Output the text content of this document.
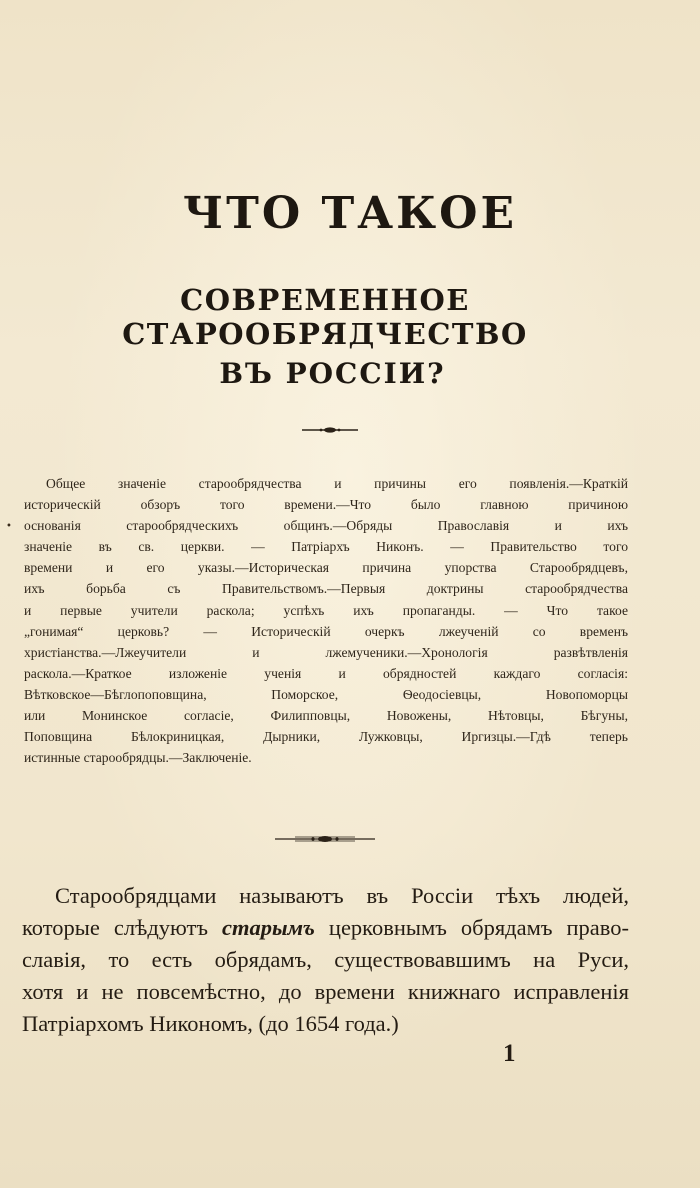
ЧТО ТАКОЕ
СОВРЕМЕННОЕ СТАРООБРЯДЧЕСТВО
ВЪ РОССІИ?
•
Общее значеніе старообрядчества и причины его появленія.—Краткій
историческій обзоръ того времени.—Что было главною причиною
основанія старообрядческихъ общинъ.—Обряды Православія и ихъ
значеніе въ св. церкви. — Патріархъ Никонъ. — Правительство того
времени и его указы.—Историческая причина упорства Старообрядцевъ,
ихъ борьба съ Правительствомъ.—Первыя доктрины старообрядчества
и первые учители раскола; успѣхъ ихъ пропаганды. — Что такое
„гонимая“ церковь? — Историческій очеркъ лжеученій со временъ
христіанства.—Лжеучители и лжемученики.—Хронологія развѣтвленія
раскола.—Краткое изложеніе ученія и обрядностей каждаго согласія:
Вѣтковское—Бѣглопоповщина, Поморское, Ѳеодосіевцы, Новопоморцы
или Монинское согласіе, Филипповцы, Новожены, Нѣтовцы, Бѣгуны,
Поповщина Бѣлокриницкая, Дырники, Лужковцы, Иргизцы.—Гдѣ теперь
истинные старообрядцы.—Заключеніе.
Старообрядцами называютъ въ Россіи тѣхъ людей,
которые слѣдуютъ старымъ церковнымъ обрядамъ право-
славія, то есть обрядамъ, существовавшимъ на Руси,
хотя и не повсемѣстно, до времени книжнаго исправленія
Патріархомъ Никономъ, (до 1654 года.)
1
